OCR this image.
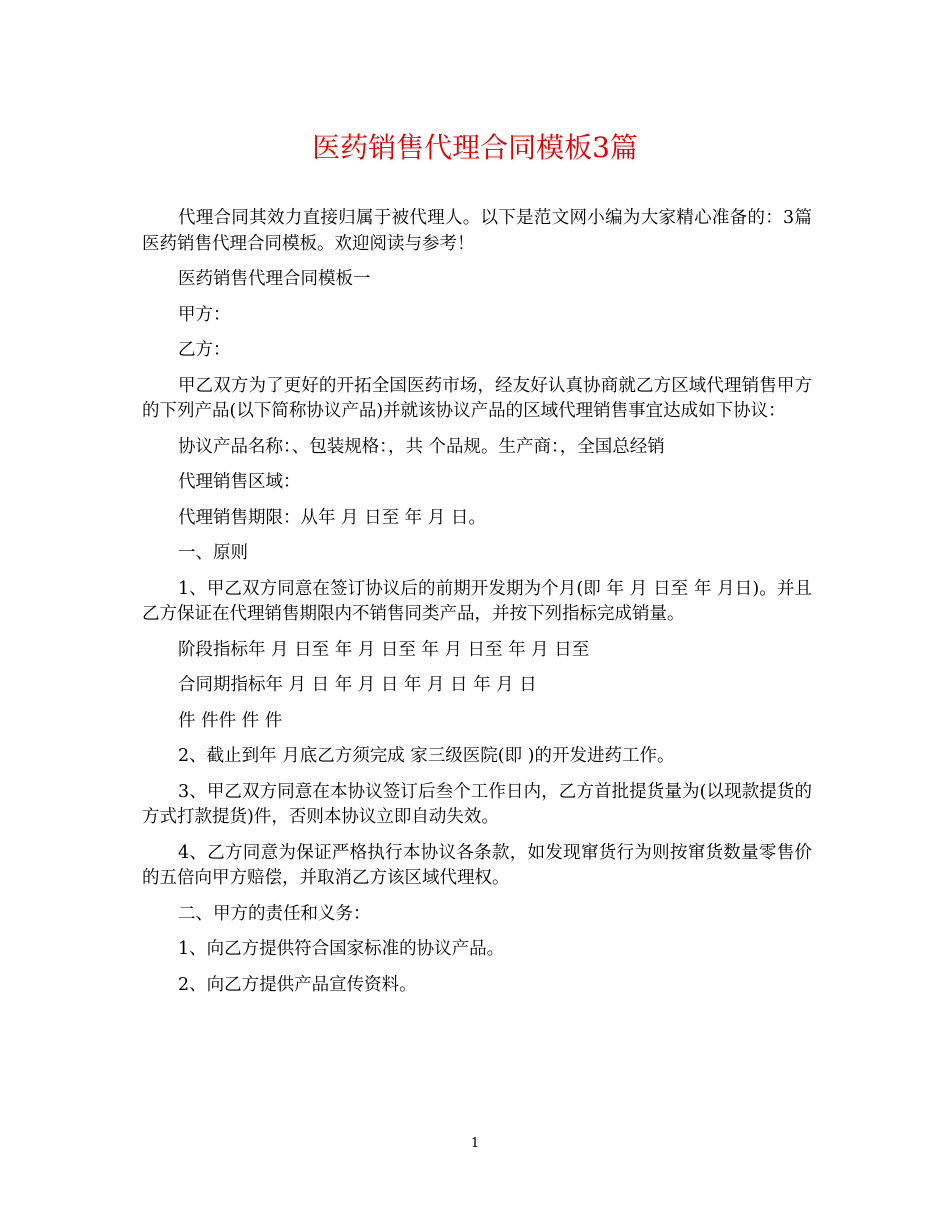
医药销售代理合同模板3篇

代理合同其效力直接归属于被代理人。以下是范文网小编为大家精心准备的：3篇医药销售代理合同模板。欢迎阅读与参考！

医药销售代理合同模板一

甲方：

乙方：

甲乙双方为了更好的开拓全国医药市场，经友好认真协商就乙方区域代理销售甲方的下列产品(以下简称协议产品)并就该协议产品的区域代理销售事宜达成如下协议：

协议产品名称：、包装规格：，共 个品规。生产商：，全国总经销

代理销售区域：

代理销售期限：从年 月 日至 年 月 日。

一、原则

1、甲乙双方同意在签订协议后的前期开发期为个月(即 年 月 日至 年 月日)。并且乙方保证在代理销售期限内不销售同类产品，并按下列指标完成销量。

阶段指标年 月 日至 年 月 日至 年 月 日至 年 月 日至

合同期指标年 月 日 年 月 日 年 月 日 年 月 日

件 件件 件 件

2、截止到年 月底乙方须完成 家三级医院(即 )的开发进药工作。

3、甲乙双方同意在本协议签订后叁个工作日内，乙方首批提货量为(以现款提货的方式打款提货)件，否则本协议立即自动失效。

4、乙方同意为保证严格执行本协议各条款，如发现窜货行为则按窜货数量零售价的五倍向甲方赔偿，并取消乙方该区域代理权。

二、甲方的责任和义务：

1、向乙方提供符合国家标准的协议产品。

2、向乙方提供产品宣传资料。

1
